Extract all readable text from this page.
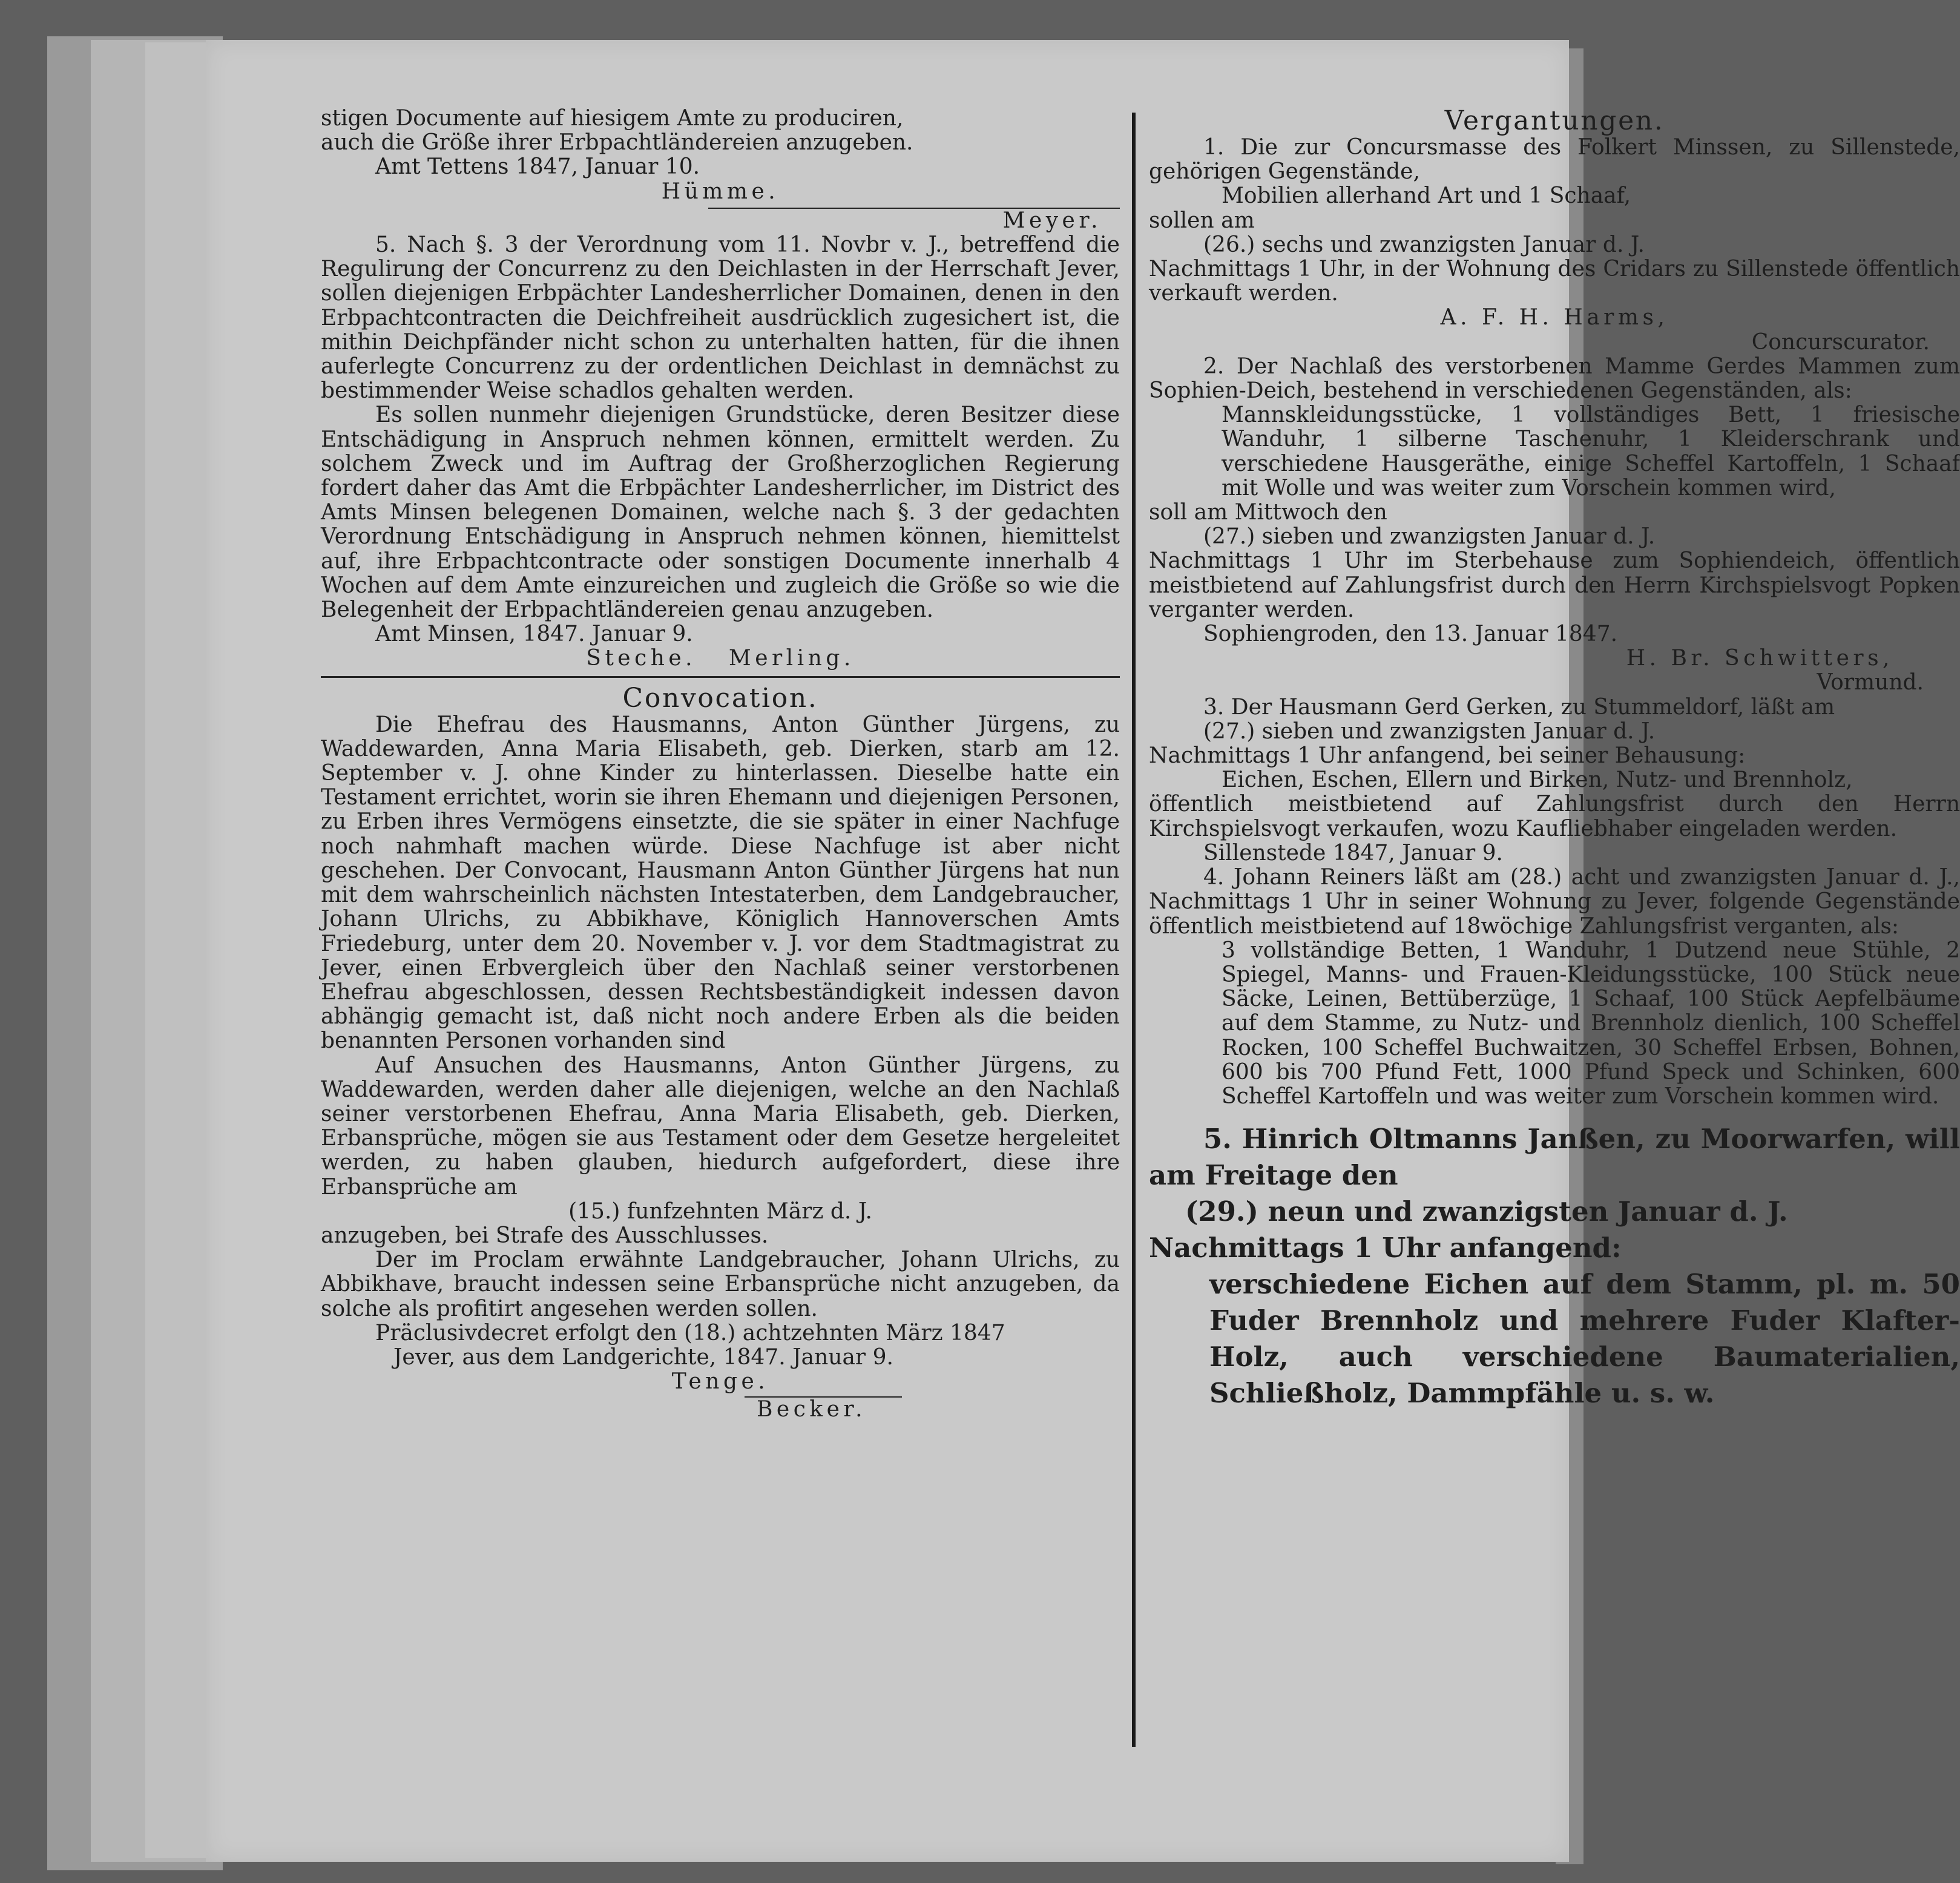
stigen Documente auf hiesigem Amte zu produciren,

auch die Größe ihrer Erbpachtländereien anzugeben.

Amt Tettens 1847, Januar 10.

Hümme.

Meyer.

5. Nach §. 3 der Verordnung vom 11. Novbr v. J., betreffend die Regulirung der Concurrenz zu den Deichlasten in der Herrschaft Jever, sollen diejenigen Erbpächter Landesherrlicher Domainen, denen in den Erbpachtcontracten die Deichfreiheit ausdrücklich zugesichert ist, die mithin Deichpfänder nicht schon zu unterhalten hatten, für die ihnen auferlegte Concurrenz zu der ordentlichen Deichlast in demnächst zu bestimmender Weise schadlos gehalten werden.

Es sollen nunmehr diejenigen Grundstücke, deren Besitzer diese Entschädigung in Anspruch nehmen können, ermittelt werden. Zu solchem Zweck und im Auftrag der Großherzoglichen Regierung fordert daher das Amt die Erbpächter Landesherrlicher, im District des Amts Minsen belegenen Domainen, welche nach §. 3 der gedachten Verordnung Entschädigung in Anspruch nehmen können, hiemittelst auf, ihre Erbpachtcontracte oder sonstigen Documente innerhalb 4 Wochen auf dem Amte einzureichen und zugleich die Größe so wie die Belegenheit der Erbpachtländereien genau anzugeben.

Amt Minsen, 1847. Januar 9.

Steche.   Merling.

Convocation.

Die Ehefrau des Hausmanns, Anton Günther Jürgens, zu Waddewarden, Anna Maria Elisabeth, geb. Dierken, starb am 12. September v. J. ohne Kinder zu hinterlassen. Dieselbe hatte ein Testament errichtet, worin sie ihren Ehemann und diejenigen Personen, zu Erben ihres Vermögens einsetzte, die sie später in einer Nachfuge noch nahmhaft machen würde. Diese Nachfuge ist aber nicht geschehen. Der Convocant, Hausmann Anton Günther Jürgens hat nun mit dem wahrscheinlich nächsten Intestaterben, dem Landgebraucher, Johann Ulrichs, zu Abbikhave, Königlich Hannoverschen Amts Friedeburg, unter dem 20. November v. J. vor dem Stadtmagistrat zu Jever, einen Erbvergleich über den Nachlaß seiner verstorbenen Ehefrau abgeschlossen, dessen Rechtsbeständigkeit indessen davon abhängig gemacht ist, daß nicht noch andere Erben als die beiden benannten Personen vorhanden sind

Auf Ansuchen des Hausmanns, Anton Günther Jürgens, zu Waddewarden, werden daher alle diejenigen, welche an den Nachlaß seiner verstorbenen Ehefrau, Anna Maria Elisabeth, geb. Dierken, Erbansprüche, mögen sie aus Testament oder dem Gesetze hergeleitet werden, zu haben glauben, hiedurch aufgefordert, diese ihre Erbansprüche am

(15.) funfzehnten März d. J.

anzugeben, bei Strafe des Ausschlusses.

Der im Proclam erwähnte Landgebraucher, Johann Ulrichs, zu Abbikhave, braucht indessen seine Erbansprüche nicht anzugeben, da solche als profitirt angesehen werden sollen.

Präclusivdecret erfolgt den (18.) achtzehnten März 1847

Jever, aus dem Landgerichte, 1847. Januar 9.

Tenge.

Becker.

Vergantungen.

1. Die zur Concursmasse des Folkert Minssen, zu Sillenstede, gehörigen Gegenstände,

Mobilien allerhand Art und 1 Schaaf,

sollen am

(26.) sechs und zwanzigsten Januar d. J.

Nachmittags 1 Uhr, in der Wohnung des Cridars zu Sillenstede öffentlich verkauft werden.

A. F. H. Harms,

Concurscurator.

2. Der Nachlaß des verstorbenen Mamme Gerdes Mammen zum Sophien-Deich, bestehend in verschiedenen Gegenständen, als:

Mannskleidungsstücke, 1 vollständiges Bett, 1 friesische Wanduhr, 1 silberne Taschenuhr, 1 Kleiderschrank und verschiedene Hausgeräthe, einige Scheffel Kartoffeln, 1 Schaaf mit Wolle und was weiter zum Vorschein kommen wird,

soll am Mittwoch den

(27.) sieben und zwanzigsten Januar d. J.

Nachmittags 1 Uhr im Sterbehause zum Sophiendeich, öffentlich meistbietend auf Zahlungsfrist durch den Herrn Kirchspielsvogt Popken verganter werden.

Sophiengroden, den 13. Januar 1847.

H. Br. Schwitters,

Vormund.

3. Der Hausmann Gerd Gerken, zu Stummeldorf, läßt am

(27.) sieben und zwanzigsten Januar d. J.

Nachmittags 1 Uhr anfangend, bei seiner Behausung:

Eichen, Eschen, Ellern und Birken, Nutz- und Brennholz,

öffentlich meistbietend auf Zahlungsfrist durch den Herrn Kirchspielsvogt verkaufen, wozu Kaufliebhaber eingeladen werden.

Sillenstede 1847, Januar 9.

4. Johann Reiners läßt am (28.) acht und zwanzigsten Januar d. J., Nachmittags 1 Uhr in seiner Wohnung zu Jever, folgende Gegenstände öffentlich meistbietend auf 18wöchige Zahlungsfrist verganten, als:

3 vollständige Betten, 1 Wanduhr, 1 Dutzend neue Stühle, 2 Spiegel, Manns- und Frauen-Kleidungsstücke, 100 Stück neue Säcke, Leinen, Bettüberzüge, 1 Schaaf, 100 Stück Aepfelbäume auf dem Stamme, zu Nutz- und Brennholz dienlich, 100 Scheffel Rocken, 100 Scheffel Buchwaitzen, 30 Scheffel Erbsen, Bohnen, 600 bis 700 Pfund Fett, 1000 Pfund Speck und Schinken, 600 Scheffel Kartoffeln und was weiter zum Vorschein kommen wird.

5. Hinrich Oltmanns Janßen, zu Moorwarfen, will am Freitage den

(29.) neun und zwanzigsten Januar d. J.

Nachmittags 1 Uhr anfangend:

verschiedene Eichen auf dem Stamm, pl. m. 50 Fuder Brennholz und mehrere Fuder Klafter-Holz, auch verschiedene Baumaterialien, Schließholz, Dammpfähle u. s. w.
